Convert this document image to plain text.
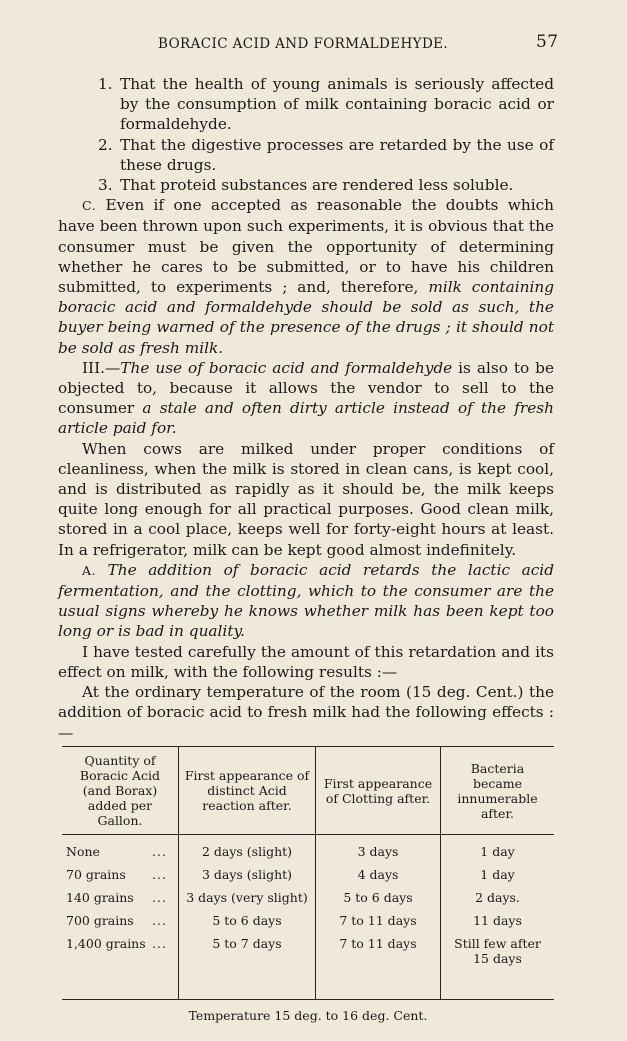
BORACIC ACID AND FORMALDEHYDE.	57
1. That the health of young animals is seriously affected by the consumption of milk containing boracic acid or formaldehyde.
2. That the digestive processes are retarded by the use of these drugs.
3. That proteid substances are rendered less soluble.

C. Even if one accepted as reasonable the doubts which have been thrown upon such experiments, it is obvious that the consumer must be given the opportunity of determining whether he cares to be submitted, or to have his children submitted, to experiments ; and, therefore, milk containing boracic acid and formaldehyde should be sold as such, the buyer being warned of the presence of the drugs ; it should not be sold as fresh milk.

III.—The use of boracic acid and formaldehyde is also to be objected to, because it allows the vendor to sell to the consumer a stale and often dirty article instead of the fresh article paid for.

When cows are milked under proper conditions of cleanliness, when the milk is stored in clean cans, is kept cool, and is distributed as rapidly as it should be, the milk keeps quite long enough for all practical purposes. Good clean milk, stored in a cool place, keeps well for forty-eight hours at least. In a refrigerator, milk can be kept good almost indefinitely.

A. The addition of boracic acid retards the lactic acid fermentation, and the clotting, which to the consumer are the usual signs whereby he knows whether milk has been kept too long or is bad in quality.

I have tested carefully the amount of this retardation and its effect on milk, with the following results :—

At the ordinary temperature of the room (15 deg. Cent.) the addition of boracic acid to fresh milk had the following effects :—

Quantity of Boracic Acid (and Borax) added per Gallon.	First appearance of distinct Acid reaction after.	First appearance of Clotting after.	Bacteria became innumerable after.
None ...	2 days (slight)	3 days	1 day
70 grains ...	3 days (slight)	4 days	1 day
140 grains ...	3 days (very slight)	5 to 6 days	2 days.
700 grains ...	5 to 6 days	7 to 11 days	11 days
1,400 grains ...	5 to 7 days	7 to 11 days	Still few after 15 days
Temperature 15 deg. to 16 deg. Cent.
